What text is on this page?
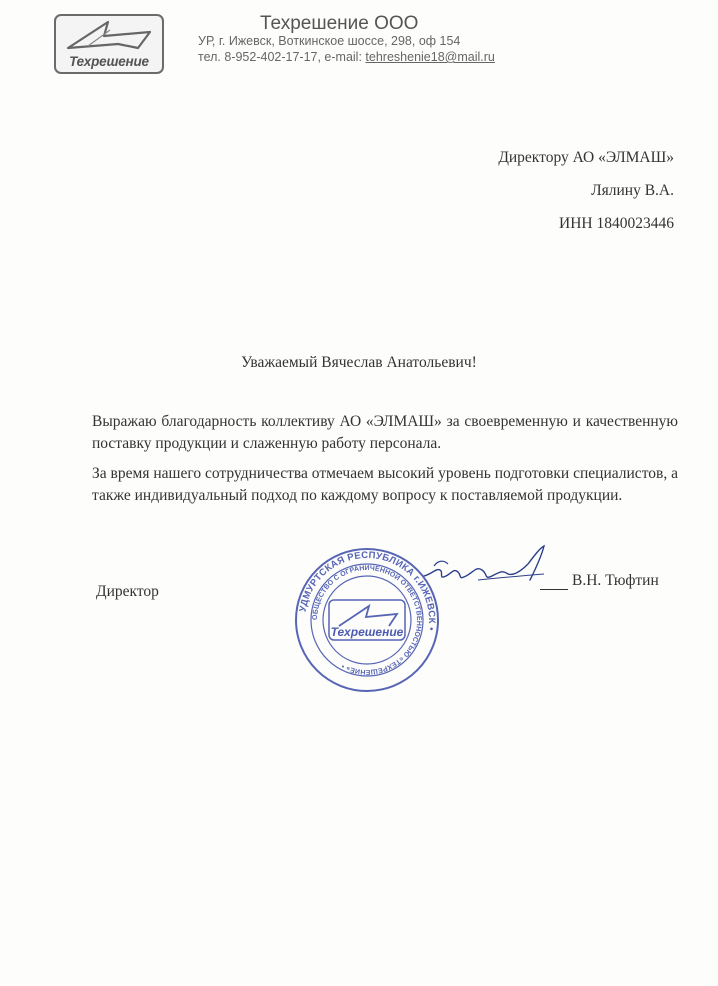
Техрешение
Техрешение ООО
УР, г. Ижевск, Воткинское шоссе, 298, оф 154
тел. 8-952-402-17-17, e-mail: tehreshenie18@mail.ru
Директору АО «ЭЛМАШ»
Лялину В.А.
ИНН 1840023446
Уважаемый Вячеслав Анатольевич!
Выражаю благодарность коллективу АО «ЭЛМАШ» за своевременную и качественную поставку продукции и слаженную работу персонала.
За время нашего сотрудничества отмечаем высокий уровень подготовки специалистов, а также индивидуальный подход по каждому вопросу к поставляемой продукции.
Директор
УДМУРТСКАЯ РЕСПУБЛИКА г.ИЖЕВСК •
ОБЩЕСТВО С ОГРАНИЧЕННОЙ ОТВЕТСТВЕННОСТЬЮ «ТЕХРЕШЕНИЕ» •
Техрешение
В.Н. Тюфтин
